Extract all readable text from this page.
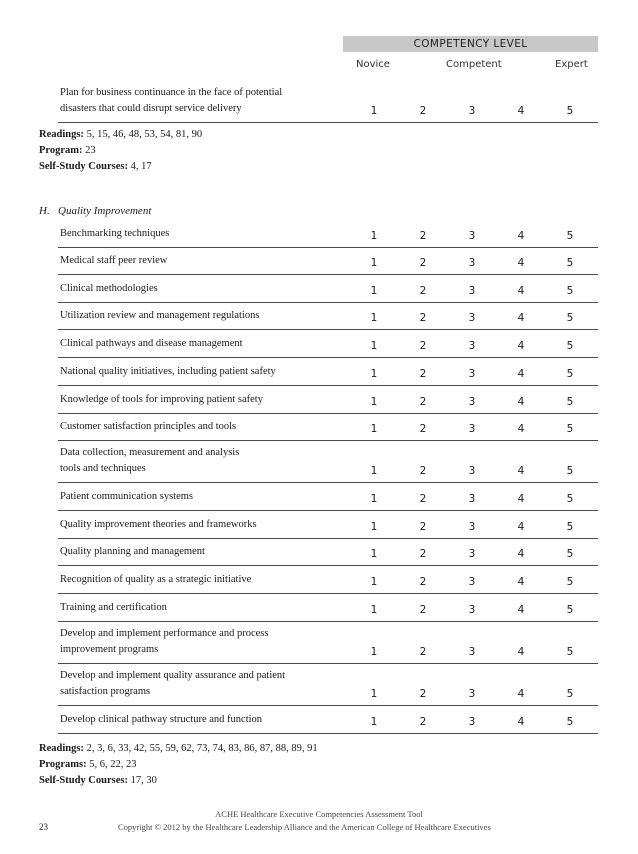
COMPETENCY LEVEL
Novice	Competent	Expert
Plan for business continuance in the face of potential
disasters that could disrupt service delivery	1	2	3	4	5
Readings: 5, 15, 46, 48, 53, 54, 81, 90
Program: 23
Self-Study Courses: 4, 17
H. Quality Improvement
Benchmarking techniques	1	2	3	4	5
Medical staff peer review	1	2	3	4	5
Clinical methodologies	1	2	3	4	5
Utilization review and management regulations	1	2	3	4	5
Clinical pathways and disease management	1	2	3	4	5
National quality initiatives, including patient safety	1	2	3	4	5
Knowledge of tools for improving patient safety	1	2	3	4	5
Customer satisfaction principles and tools	1	2	3	4	5
Data collection, measurement and analysis
tools and techniques	1	2	3	4	5
Patient communication systems	1	2	3	4	5
Quality improvement theories and frameworks	1	2	3	4	5
Quality planning and management	1	2	3	4	5
Recognition of quality as a strategic initiative	1	2	3	4	5
Training and certification	1	2	3	4	5
Develop and implement performance and process
improvement programs	1	2	3	4	5
Develop and implement quality assurance and patient
satisfaction programs	1	2	3	4	5
Develop clinical pathway structure and function	1	2	3	4	5
Readings: 2, 3, 6, 33, 42, 55, 59, 62, 73, 74, 83, 86, 87, 88, 89, 91
Programs: 5, 6, 22, 23
Self-Study Courses: 17, 30
ACHE Healthcare Executive Competencies Assessment Tool
23	Copyright © 2012 by the Healthcare Leadership Alliance and the American College of Healthcare Executives
